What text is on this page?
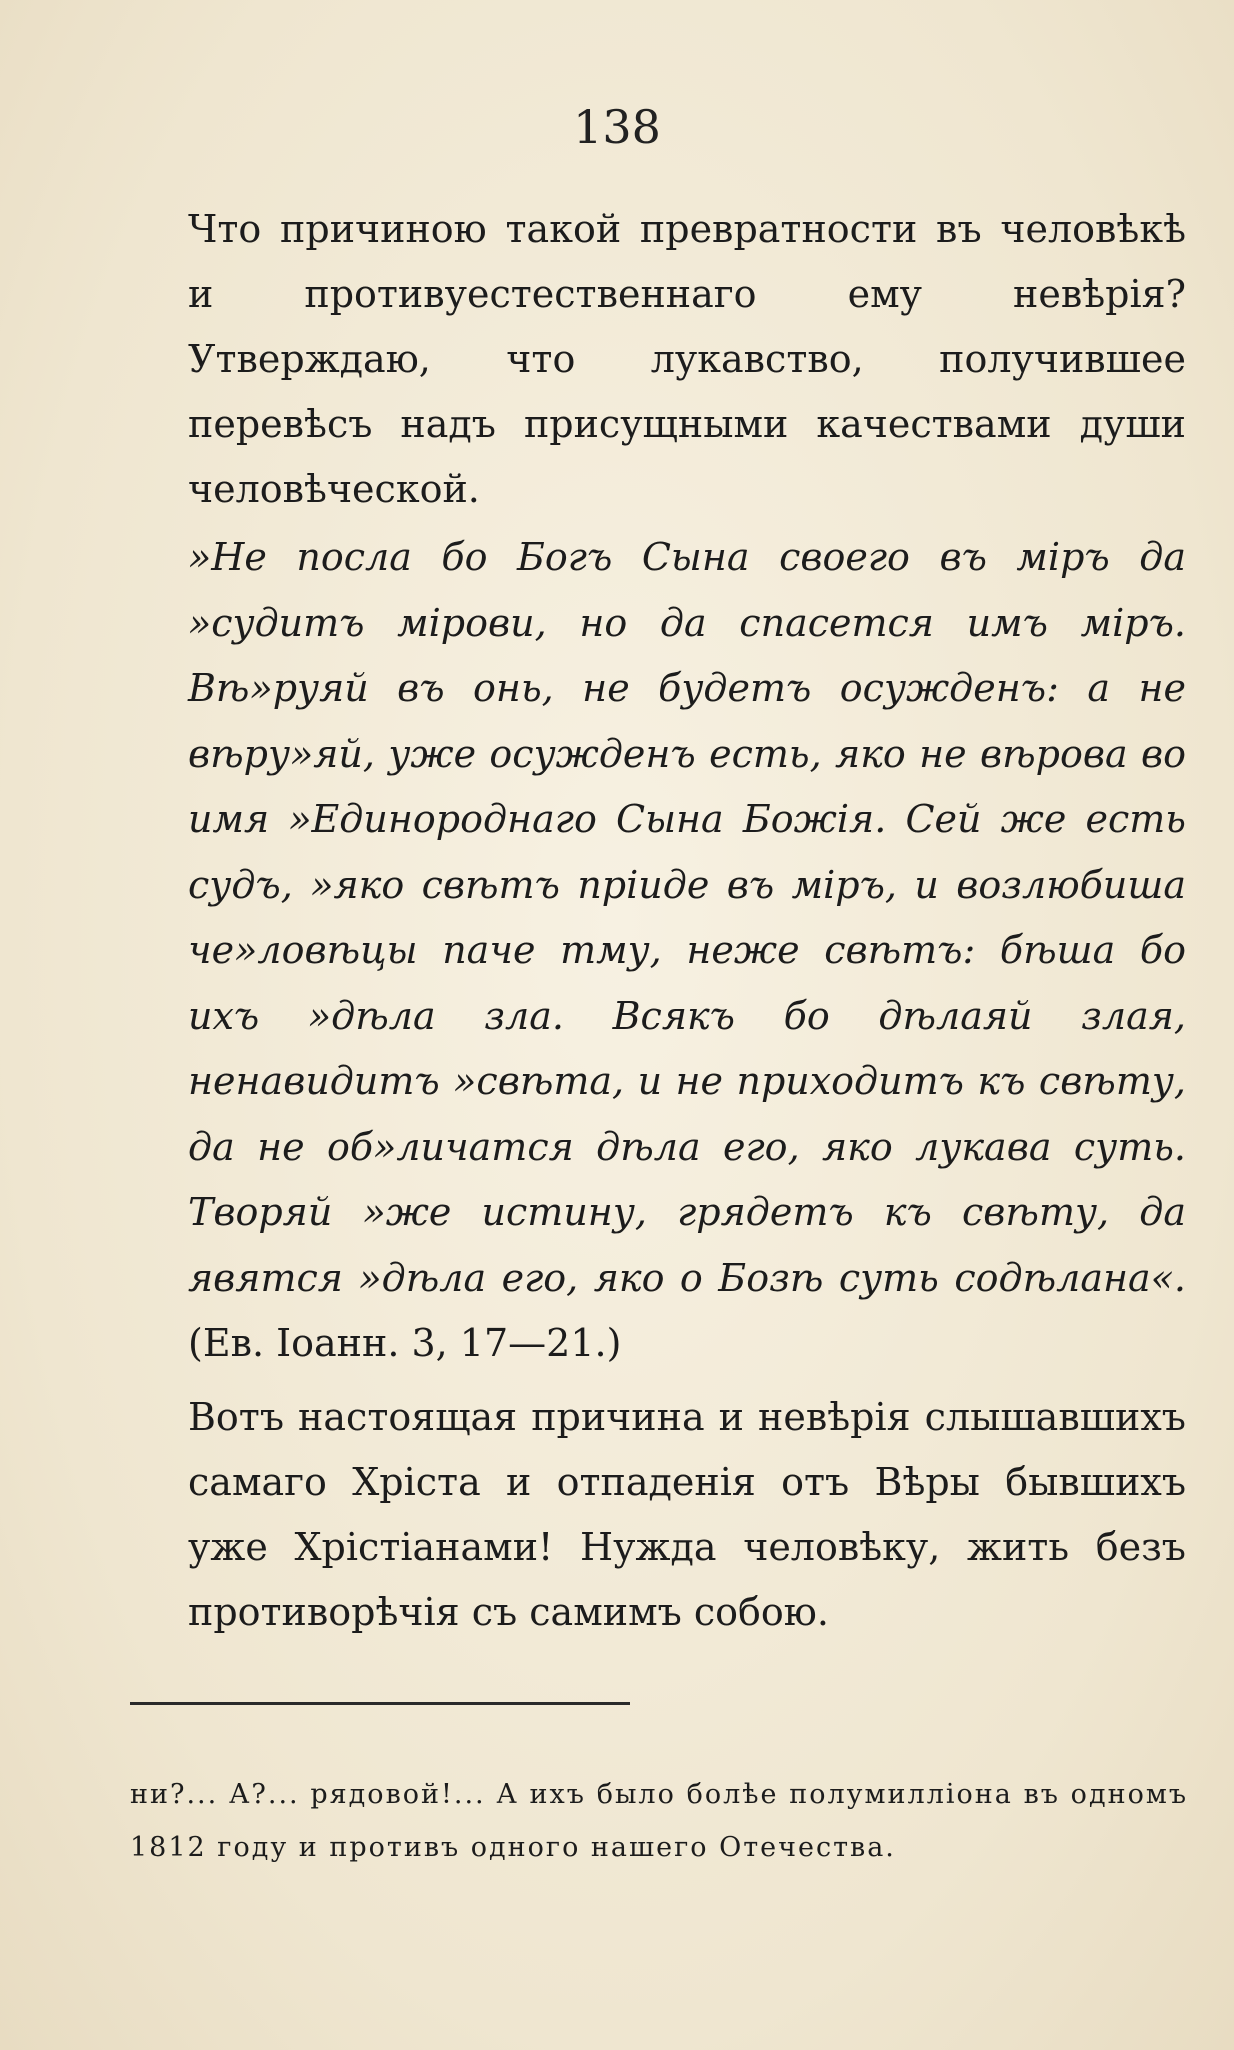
138

Что причиною такой превратности въ человѣкѣ и противуестественнаго ему невѣрія? Утверждаю, что лукавство, получившее перевѣсъ надъ присущными качествами души человѣческой.

»Не посла бо Богъ Сына своего въ міръ да »судитъ мірови, но да спасется имъ міръ. Вѣ»руяй въ онь, не будетъ осужденъ: а не вѣру»яй, уже осужденъ есть, яко не вѣрова во имя »Единороднаго Сына Божія. Сей же есть судъ, »яко свѣтъ пріиде въ міръ, и возлюбиша че»ловѣцы паче тму, неже свѣтъ: бѣша бо ихъ »дѣла зла. Всякъ бо дѣлаяй злая, ненавидитъ »свѣта, и не приходитъ къ свѣту, да не об»личатся дѣла его, яко лукава суть. Творяй »же истину, грядетъ къ свѣту, да явятся »дѣла его, яко о Бозѣ суть содѣлана«. (Ев. Іоанн. 3, 17—21.)

Вотъ настоящая причина и невѣрія слышавшихъ самаго Хріста и отпаденія отъ Вѣры бывшихъ уже Хрістіанами! Нужда человѣку, жить безъ противорѣчія съ самимъ собою.

ни?... А?... рядовой!... А ихъ было болѣе полумилліона въ одномъ 1812 году и противъ одного нашего Отечества.
